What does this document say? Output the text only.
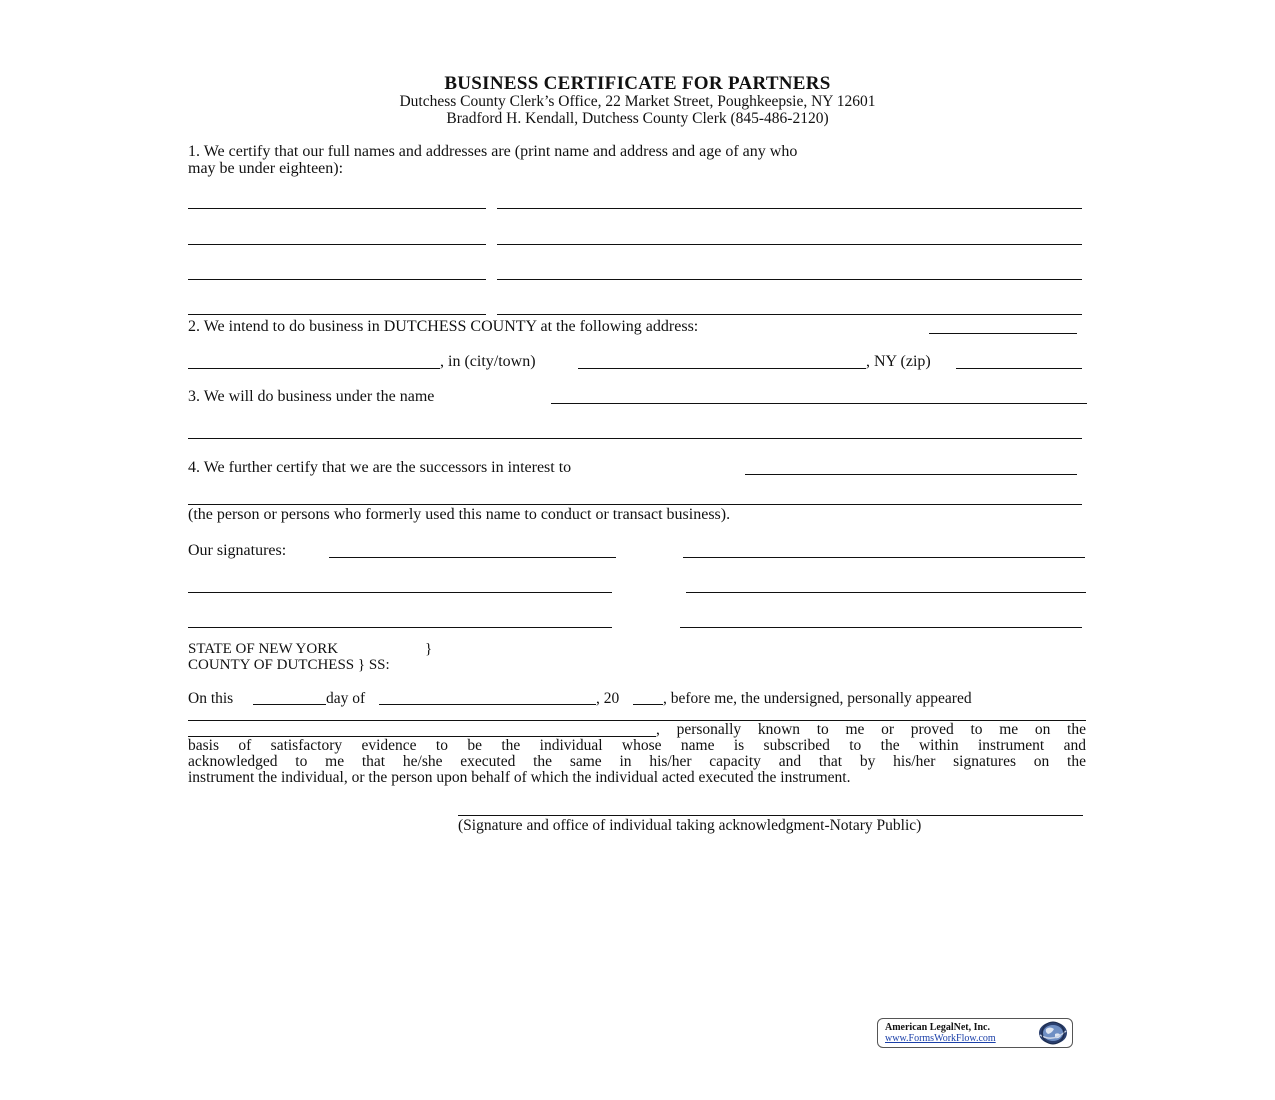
BUSINESS CERTIFICATE FOR PARTNERS
Dutchess County Clerk’s Office, 22 Market Street, Poughkeepsie, NY 12601
Bradford H. Kendall, Dutchess County Clerk (845-486-2120)
1. We certify that our full names and addresses are (print name and address and age of any who
may be under eighteen):
2. We intend to do business in DUTCHESS COUNTY at the following address:
, in (city/town)	, NY (zip)
3. We will do business under the name
4. We further certify that we are the successors in interest to
(the person or persons who formerly used this name to conduct or transact business).
Our signatures:
STATE OF NEW YORK	}
COUNTY OF DUTCHESS } SS:
On this	day of	, 20	, before me, the undersigned, personally appeared
, personally known to me or proved to me on the
basis of satisfactory evidence to be the individual whose name is subscribed to the within instrument and
acknowledged to me that he/she executed the same in his/her capacity and that by his/her signatures on the
instrument the individual, or the person upon behalf of which the individual acted executed the instrument.
(Signature and office of individual taking acknowledgment-Notary Public)
American LegalNet, Inc.
www.FormsWorkFlow.com
